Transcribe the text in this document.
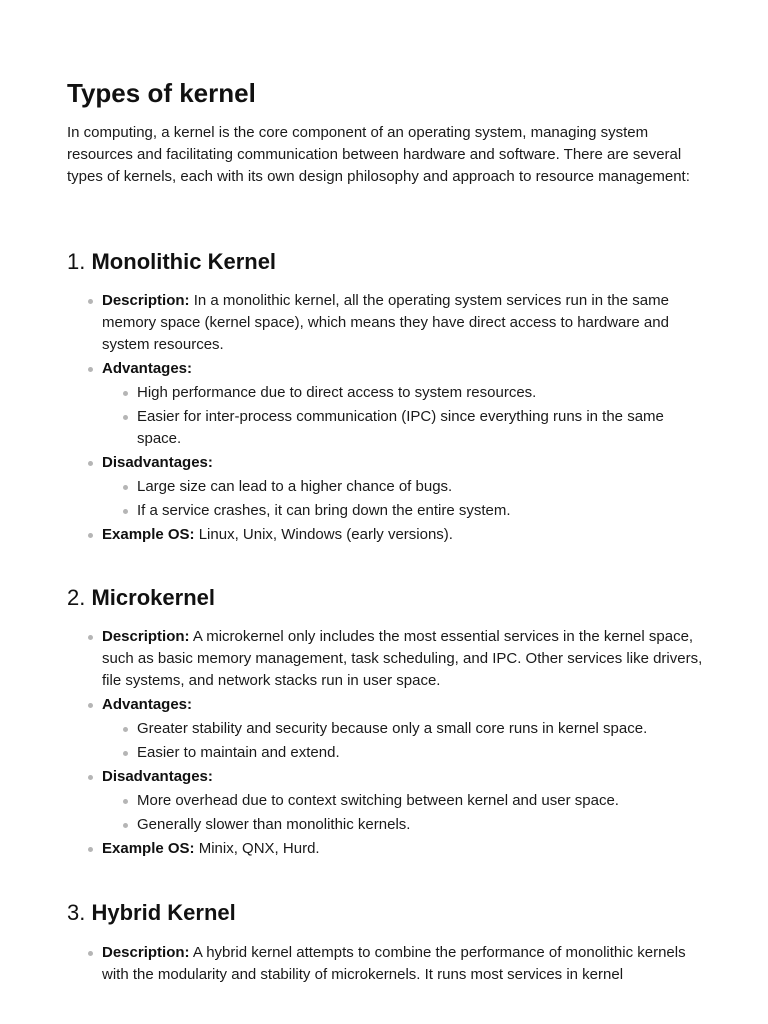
Types of kernel

In computing, a kernel is the core component of an operating system, managing system resources and facilitating communication between hardware and software. There are several types of kernels, each with its own design philosophy and approach to resource management:

1. Monolithic Kernel
Description: In a monolithic kernel, all the operating system services run in the same memory space (kernel space), which means they have direct access to hardware and system resources.
Advantages:
High performance due to direct access to system resources.
Easier for inter-process communication (IPC) since everything runs in the same space.
Disadvantages:
Large size can lead to a higher chance of bugs.
If a service crashes, it can bring down the entire system.
Example OS: Linux, Unix, Windows (early versions).
2. Microkernel
Description: A microkernel only includes the most essential services in the kernel space, such as basic memory management, task scheduling, and IPC. Other services like drivers, file systems, and network stacks run in user space.
Advantages:
Greater stability and security because only a small core runs in kernel space.
Easier to maintain and extend.
Disadvantages:
More overhead due to context switching between kernel and user space.
Generally slower than monolithic kernels.
Example OS: Minix, QNX, Hurd.
3. Hybrid Kernel
Description: A hybrid kernel attempts to combine the performance of monolithic kernels with the modularity and stability of microkernels. It runs most services in kernel
